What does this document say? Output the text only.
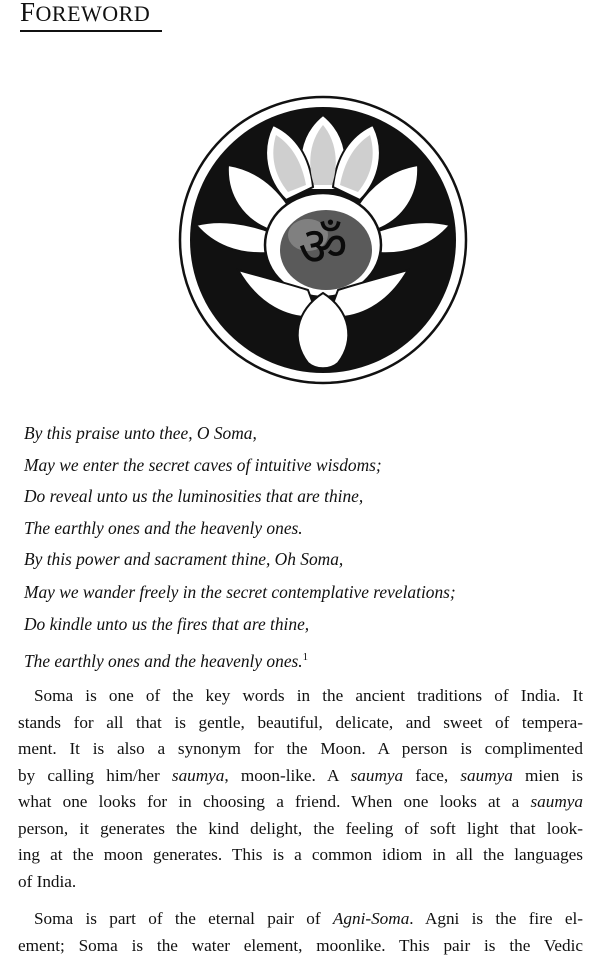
FOREWORD
ॐ
By this praise unto thee, O Soma,
May we enter the secret caves of intuitive wisdoms;
Do reveal unto us the luminosities that are thine,
The earthly ones and the heavenly ones.
By this power and sacrament thine, Oh Soma,
May we wander freely in the secret contemplative revelations;
Do kindle unto us the fires that are thine,
The earthly ones and the heavenly ones.$^1$

Soma is one of the key words in the ancient traditions of India. It
stands for all that is gentle, beautiful, delicate, and sweet of tempera-
ment. It is also a synonym for the Moon. A person is complimented
by calling him/her saumya, moon-like. A saumya face, saumya mien is
what one looks for in choosing a friend. When one looks at a saumya
person, it generates the kind delight, the feeling of soft light that look-
ing at the moon generates. This is a common idiom in all the languages
of India.

Soma is part of the eternal pair of Agni-Soma. Agni is the fire el-
ement; Soma is the water element, moonlike. This pair is the Vedic
